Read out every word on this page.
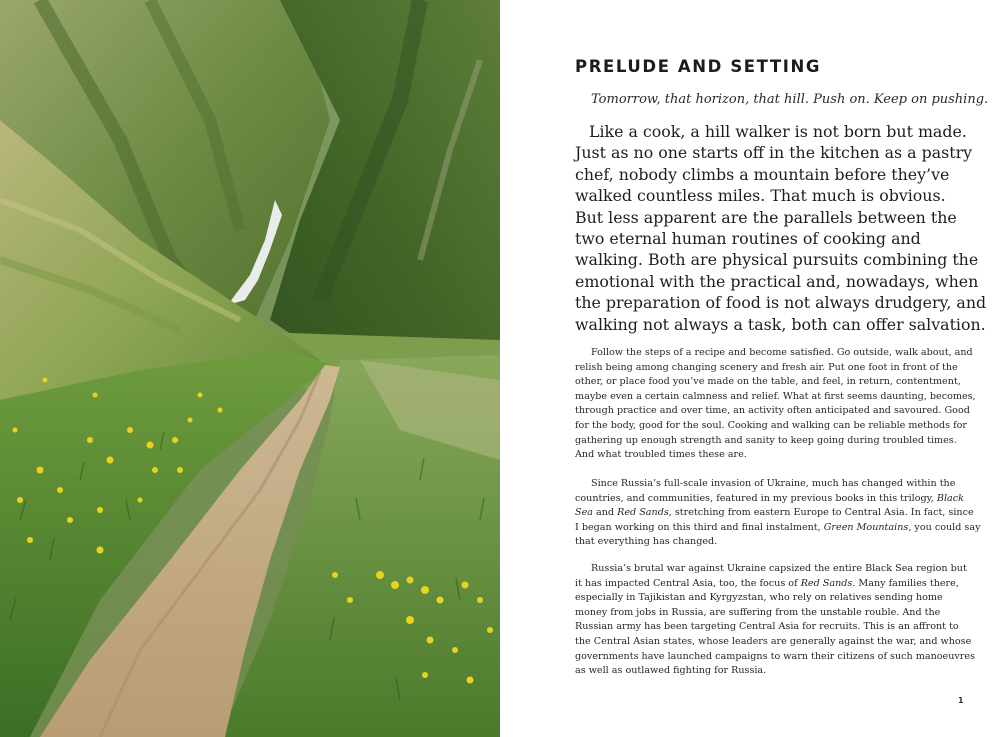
PRELUDE AND SETTING
Tomorrow, that horizon, that hill. Push on. Keep on pushing.
Like a cook, a hill walker is not born but made.
Just as no one starts off in the kitchen as a pastry
chef, nobody climbs a mountain before they’ve
walked countless miles. That much is obvious.
But less apparent are the parallels between the
two eternal human routines of cooking and
walking. Both are physical pursuits combining the
emotional with the practical and, nowadays, when
the preparation of food is not always drudgery, and
walking not always a task, both can offer salvation.
Follow the steps of a recipe and become satisfied. Go outside, walk about, and
relish being among changing scenery and fresh air. Put one foot in front of the
other, or place food you’ve made on the table, and feel, in return, contentment,
maybe even a certain calmness and relief. What at first seems daunting, becomes,
through practice and over time, an activity often anticipated and savoured. Good
for the body, good for the soul. Cooking and walking can be reliable methods for
gathering up enough strength and sanity to keep going during troubled times.
And what troubled times these are.
Since Russia’s full-scale invasion of Ukraine, much has changed within the
countries, and communities, featured in my previous books in this trilogy, Black
Sea and Red Sands, stretching from eastern Europe to Central Asia. In fact, since
I began working on this third and final instalment, Green Mountains, you could say
that everything has changed.
Russia’s brutal war against Ukraine capsized the entire Black Sea region but
it has impacted Central Asia, too, the focus of Red Sands. Many families there,
especially in Tajikistan and Kyrgyzstan, who rely on relatives sending home
money from jobs in Russia, are suffering from the unstable rouble. And the
Russian army has been targeting Central Asia for recruits. This is an affront to
the Central Asian states, whose leaders are generally against the war, and whose
governments have launched campaigns to warn their citizens of such manoeuvres
as well as outlawed fighting for Russia.
1
